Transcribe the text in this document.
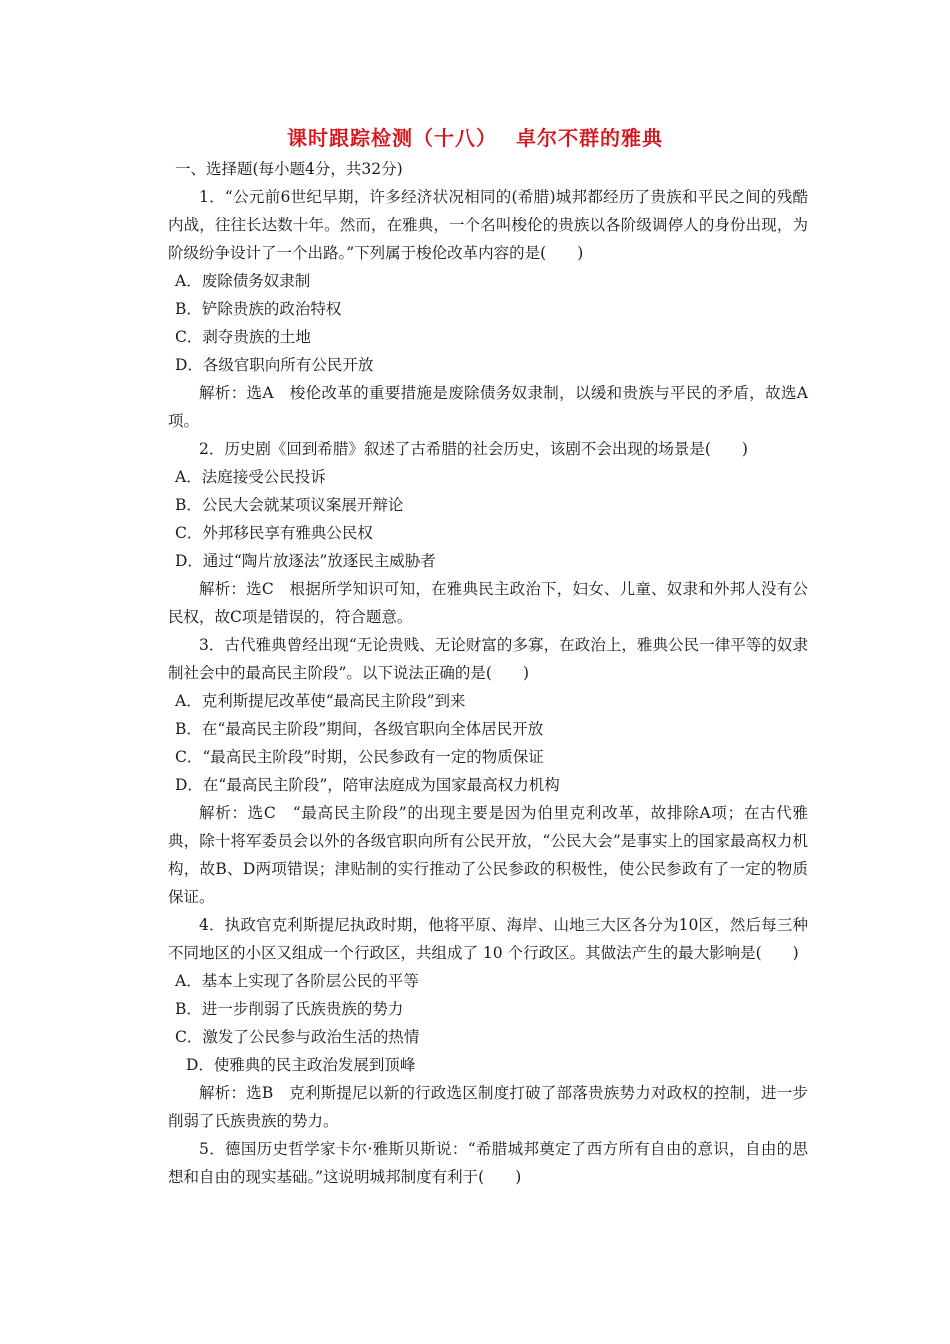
课时跟踪检测（十八）　 卓尔不群的雅典
一、选择题(每小题4分，共32分)
1．“公元前6世纪早期，许多经济状况相同的(希腊)城邦都经历了贵族和平民之间的残酷内战，往往长达数十年。然而，在雅典，一个名叫梭伦的贵族以各阶级调停人的身份出现，为阶级纷争设计了一个出路。”下列属于梭伦改革内容的是(　　)
A．废除债务奴隶制
B．铲除贵族的政治特权
C．剥夺贵族的土地
D．各级官职向所有公民开放
解析：选A　梭伦改革的重要措施是废除债务奴隶制，以缓和贵族与平民的矛盾，故选A项。
2．历史剧《回到希腊》叙述了古希腊的社会历史，该剧不会出现的场景是(　　)
A．法庭接受公民投诉
B．公民大会就某项议案展开辩论
C．外邦移民享有雅典公民权
D．通过“陶片放逐法”放逐民主威胁者
解析：选C　根据所学知识可知，在雅典民主政治下，妇女、儿童、奴隶和外邦人没有公民权，故C项是错误的，符合题意。
3．古代雅典曾经出现“无论贵贱、无论财富的多寡，在政治上，雅典公民一律平等的奴隶制社会中的最高民主阶段”。以下说法正确的是(　　)
A．克利斯提尼改革使“最高民主阶段”到来
B．在“最高民主阶段”期间，各级官职向全体居民开放
C．“最高民主阶段”时期，公民参政有一定的物质保证
D．在“最高民主阶段”，陪审法庭成为国家最高权力机构
解析：选C　“最高民主阶段”的出现主要是因为伯里克利改革，故排除A项；在古代雅典，除十将军委员会以外的各级官职向所有公民开放，“公民大会”是事实上的国家最高权力机构，故B、D两项错误；津贴制的实行推动了公民参政的积极性，使公民参政有了一定的物质保证。
4．执政官克利斯提尼执政时期，他将平原、海岸、山地三大区各分为10区，然后每三种不同地区的小区又组成一个行政区，共组成了 10 个行政区。其做法产生的最大影响是(　　)
A．基本上实现了各阶层公民的平等
B．进一步削弱了氏族贵族的势力
C．激发了公民参与政治生活的热情
D．使雅典的民主政治发展到顶峰
解析：选B　克利斯提尼以新的行政选区制度打破了部落贵族势力对政权的控制，进一步削弱了氏族贵族的势力。
5．德国历史哲学家卡尔·雅斯贝斯说：“希腊城邦奠定了西方所有自由的意识，自由的思想和自由的现实基础。”这说明城邦制度有利于(　　)
